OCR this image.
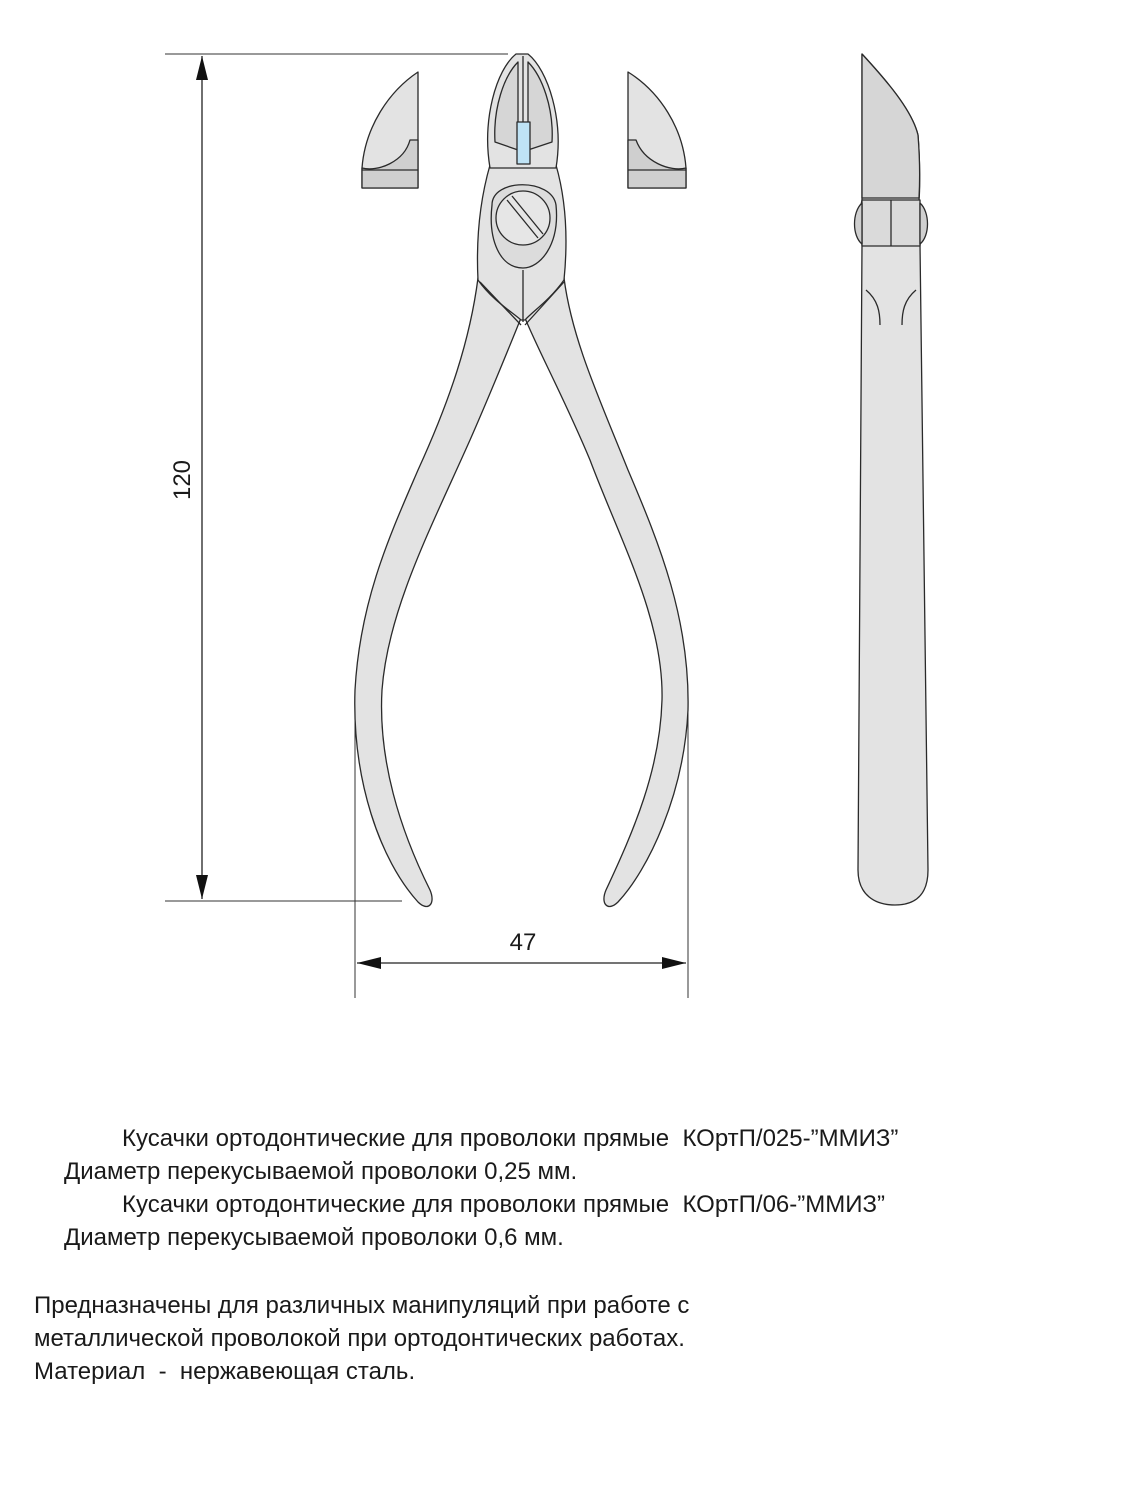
120
47
Кусачки ортодонтические для проволоки прямые  КОртП/025-”ММИЗ”
Диаметр перекусываемой проволоки 0,25 мм.
Кусачки ортодонтические для проволоки прямые  КОртП/06-”ММИЗ”
Диаметр перекусываемой проволоки 0,6 мм.
Предназначены для различных манипуляций при работе с
металлической проволокой при ортодонтических работах.
Материал  -  нержавеющая сталь.
